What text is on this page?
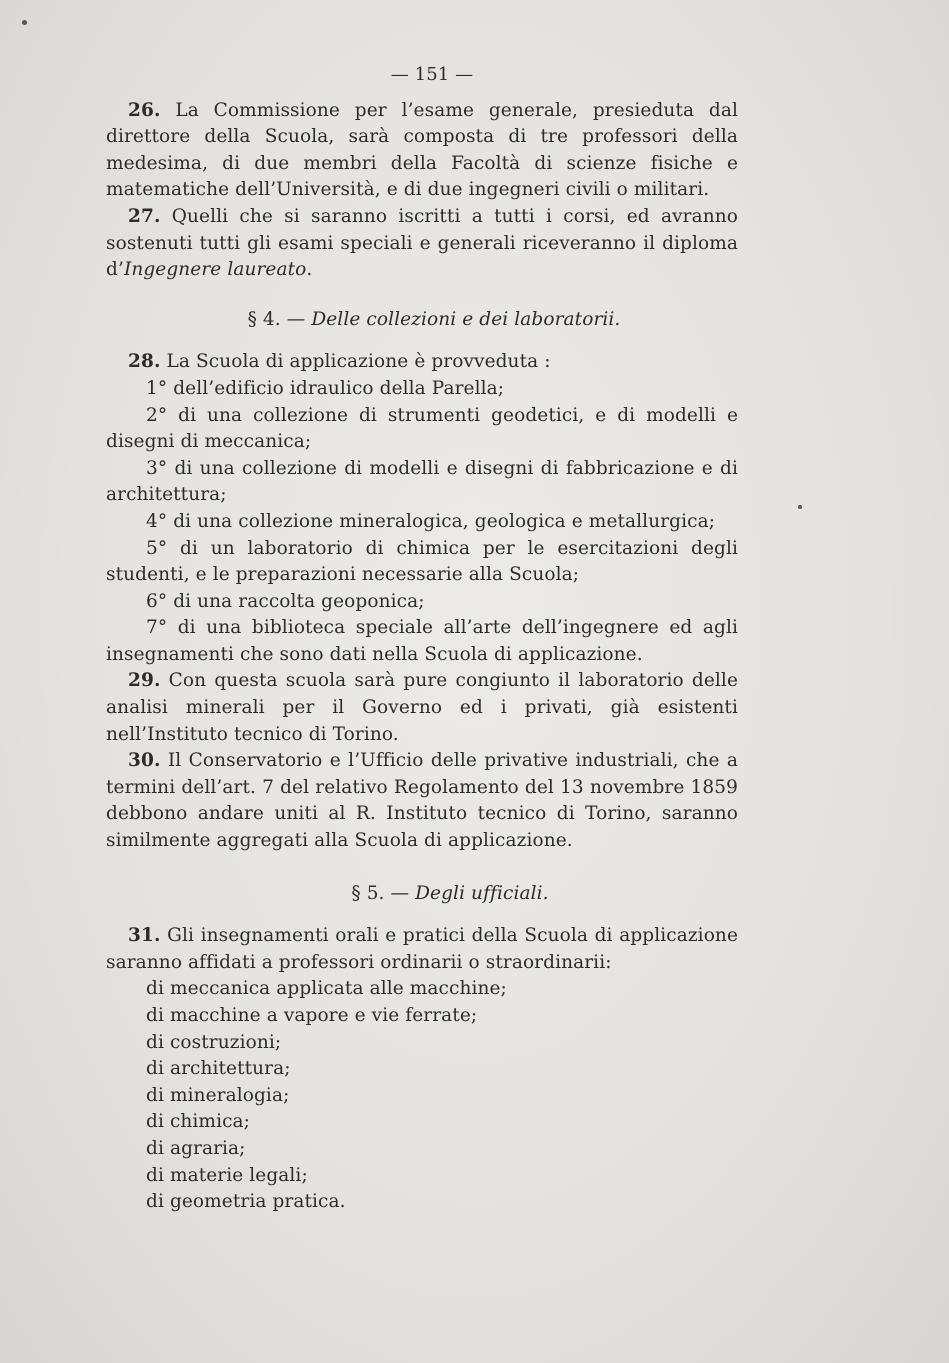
— 151 —

26. La Commissione per l’esame generale, presieduta dal direttore della Scuola, sarà composta di tre professori della medesima, di due membri della Facoltà di scienze fisiche e matematiche dell’Università, e di due ingegneri civili o militari.

27. Quelli che si saranno iscritti a tutti i corsi, ed avranno sostenuti tutti gli esami speciali e generali riceveranno il diploma d’Ingegnere laureato.

§ 4. — Delle collezioni e dei laboratorii.

28. La Scuola di applicazione è provveduta :

1° dell’edificio idraulico della Parella;

2° di una collezione di strumenti geodetici, e di modelli e disegni di meccanica;

3° di una collezione di modelli e disegni di fabbricazione e di architettura;

4° di una collezione mineralogica, geologica e metallurgica;

5° di un laboratorio di chimica per le esercitazioni degli studenti, e le preparazioni necessarie alla Scuola;

6° di una raccolta geoponica;

7° di una biblioteca speciale all’arte dell’ingegnere ed agli insegnamenti che sono dati nella Scuola di applicazione.

29. Con questa scuola sarà pure congiunto il laboratorio delle analisi minerali per il Governo ed i privati, già esistenti nell’Instituto tecnico di Torino.

30. Il Conservatorio e l’Ufficio delle privative industriali, che a termini dell’art. 7 del relativo Regolamento del 13 novembre 1859 debbono andare uniti al R. Instituto tecnico di Torino, saranno similmente aggregati alla Scuola di applicazione.

§ 5. — Degli ufficiali.

31. Gli insegnamenti orali e pratici della Scuola di applicazione saranno affidati a professori ordinarii o straordinarii:

di meccanica applicata alle macchine;

di macchine a vapore e vie ferrate;

di costruzioni;

di architettura;

di mineralogia;

di chimica;

di agraria;

di materie legali;

di geometria pratica.
